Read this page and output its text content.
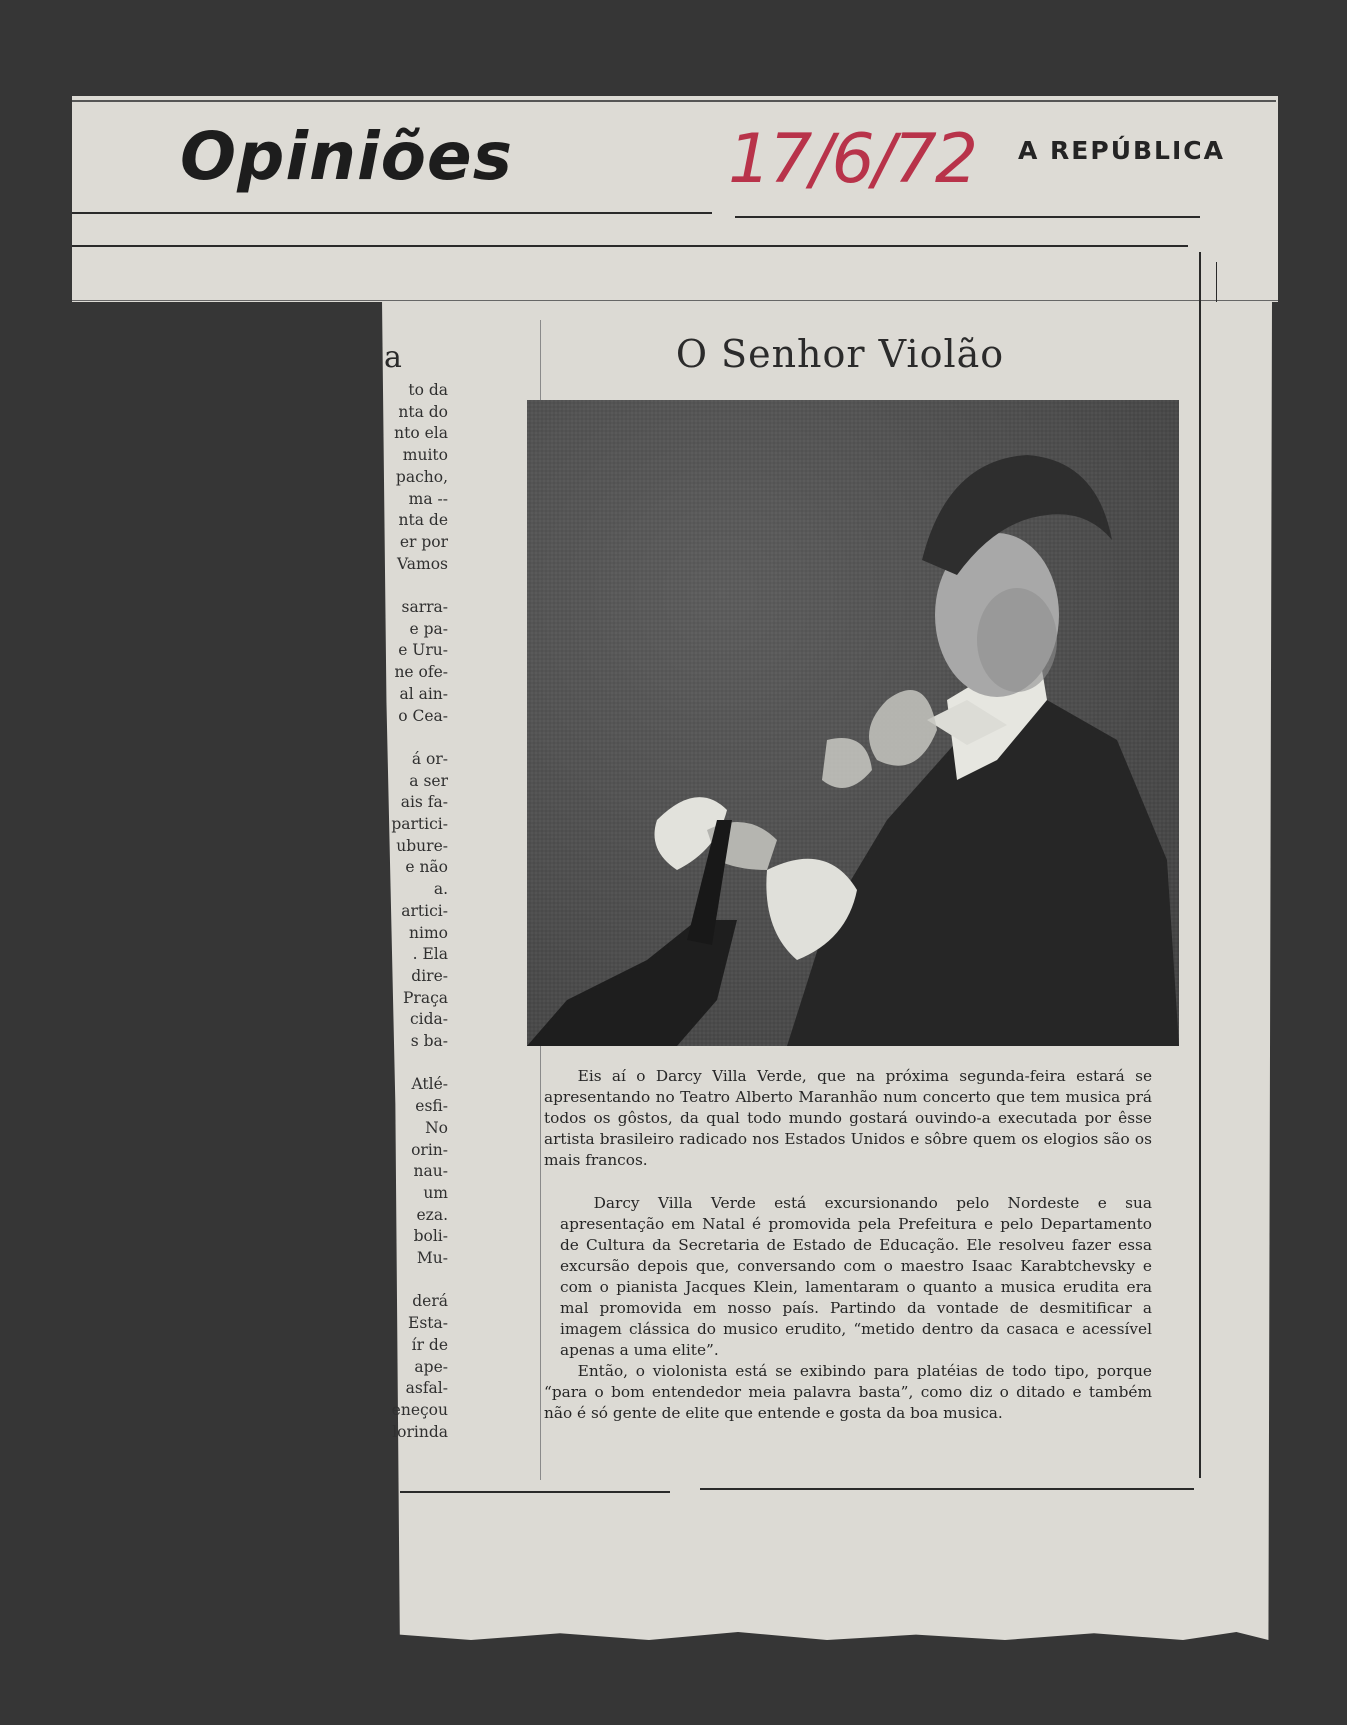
Opiniões	17/6/72 A REPÚBLICA
a
to da
nta do
nto ela
muito
pacho,
ma --
nta de
er por
Vamos
sarra-
e pa-
e Uru-
ne ofe-
al ain-
o Cea-
á or-
a ser
ais fa-
partici-
ubure-
e não
a.
artici-
nimo
. Ela
dire-
Praça
cida-
s ba-
Atlé-
esfi-
No
orin-
nau-
um
eza.
boli-
Mu-
derá
Esta-
ír de
ape-
asfal-
eneçou
lorinda
O Senhor Violão

Eis aí o Darcy Villa Verde, que na próxima segunda-feira estará se apresentando no Teatro Alberto Maranhão num concerto que tem musica prá todos os gôstos, da qual todo mundo gostará ouvindo-a executada por êsse artista brasileiro radicado nos Estados Unidos e sôbre quem os elogios são os mais francos.

Darcy Villa Verde está excursionando pelo Nordeste e sua apresentação em Natal é promovida pela Prefeitura e pelo Departamento de Cultura da Secretaria de Estado de Educação. Ele resolveu fazer essa excursão depois que, conversando com o maestro Isaac Karabtchevsky e com o pianista Jacques Klein, lamentaram o quanto a musica erudita era mal promovida em nosso país. Partindo da vontade de desmitificar a imagem clássica do musico erudito, “metido dentro da casaca e acessível apenas a uma elite”.

Então, o violonista está se exibindo para platéias de todo tipo, porque “para o bom entendedor meia palavra basta”, como diz o ditado e também não é só gente de elite que entende e gosta da boa musica.
